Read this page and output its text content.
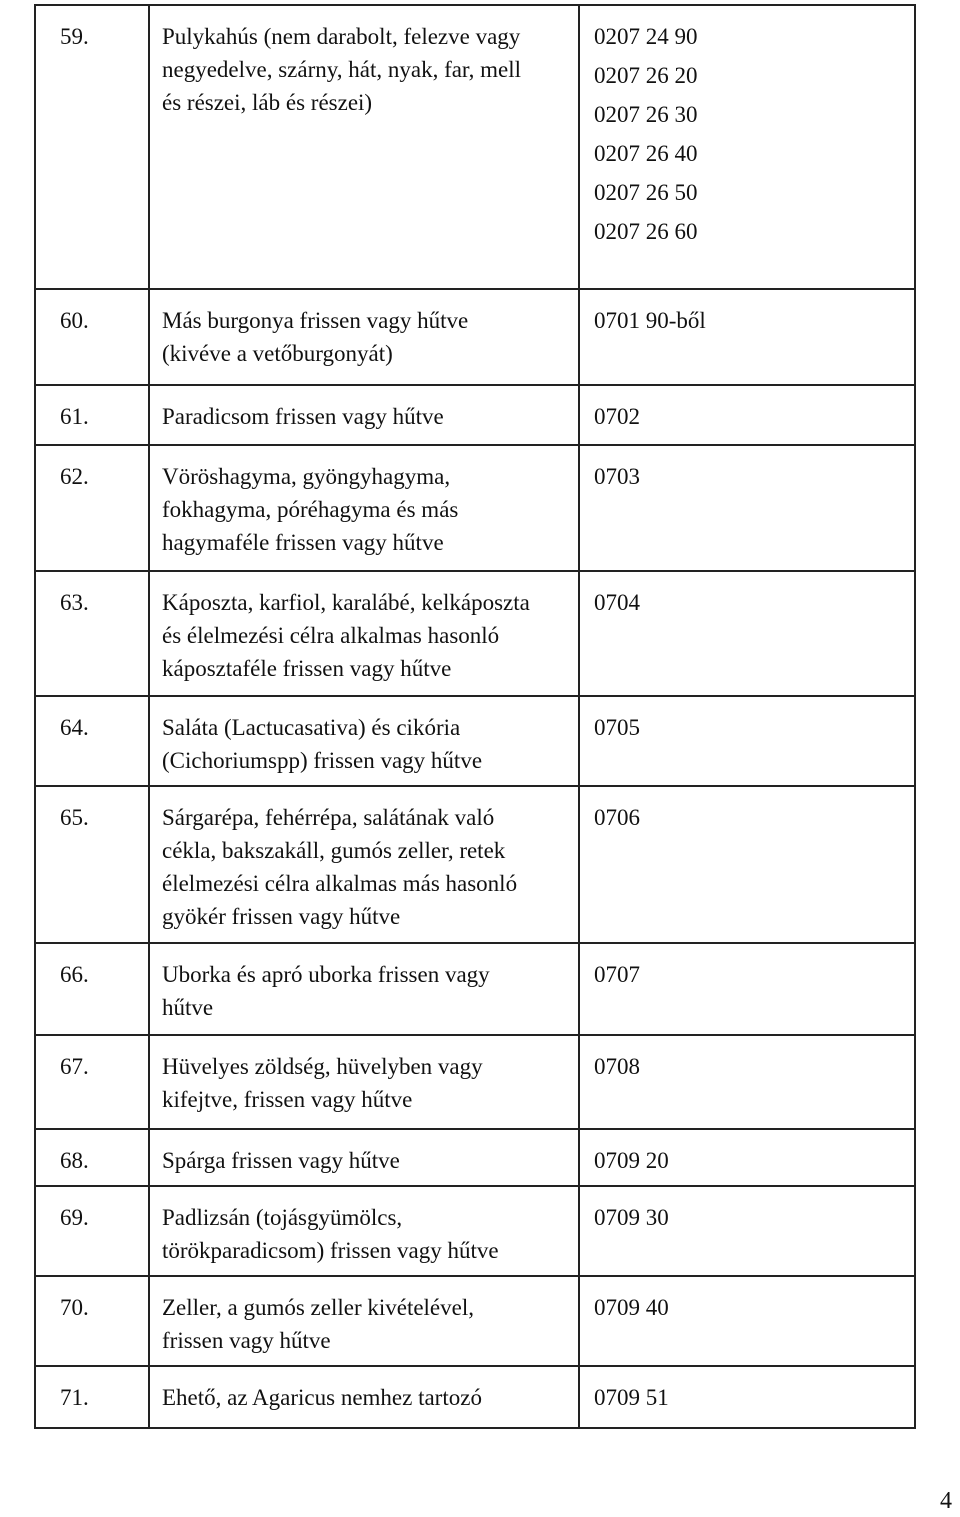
59.	Pulykahús (nem darabolt, felezve vagy
negyedelve, szárny, hát, nyak, far, mell
és részei, láb és részei)
0207 24 90
0207 26 20
0207 26 30
0207 26 40
0207 26 50
0207 26 60
60.	Más burgonya frissen vagy hűtve
(kivéve a vetőburgonyát)
0701 90-ből
61.	Paradicsom frissen vagy hűtve	0702
62.	Vöröshagyma, gyöngyhagyma,
fokhagyma, póréhagyma és más
hagymaféle frissen vagy hűtve
0703
63.	Káposzta, karfiol, karalábé, kelkáposzta
és élelmezési célra alkalmas hasonló
káposztaféle frissen vagy hűtve
0704
64.	Saláta (Lactucasativa) és cikória
(Cichoriumspp) frissen vagy hűtve
0705
65.	Sárgarépa, fehérrépa, salátának való
cékla, bakszakáll, gumós zeller, retek
élelmezési célra alkalmas más hasonló
gyökér frissen vagy hűtve
0706
66.	Uborka és apró uborka frissen vagy
hűtve
0707
67.	Hüvelyes zöldség, hüvelyben vagy
kifejtve, frissen vagy hűtve
0708
68.	Spárga frissen vagy hűtve	0709 20
69.	Padlizsán (tojásgyümölcs,
törökparadicsom) frissen vagy hűtve
0709 30
70.	Zeller, a gumós zeller kivételével,
frissen vagy hűtve
0709 40
71.	Ehető, az Agaricus nemhez tartozó	0709 51
4
